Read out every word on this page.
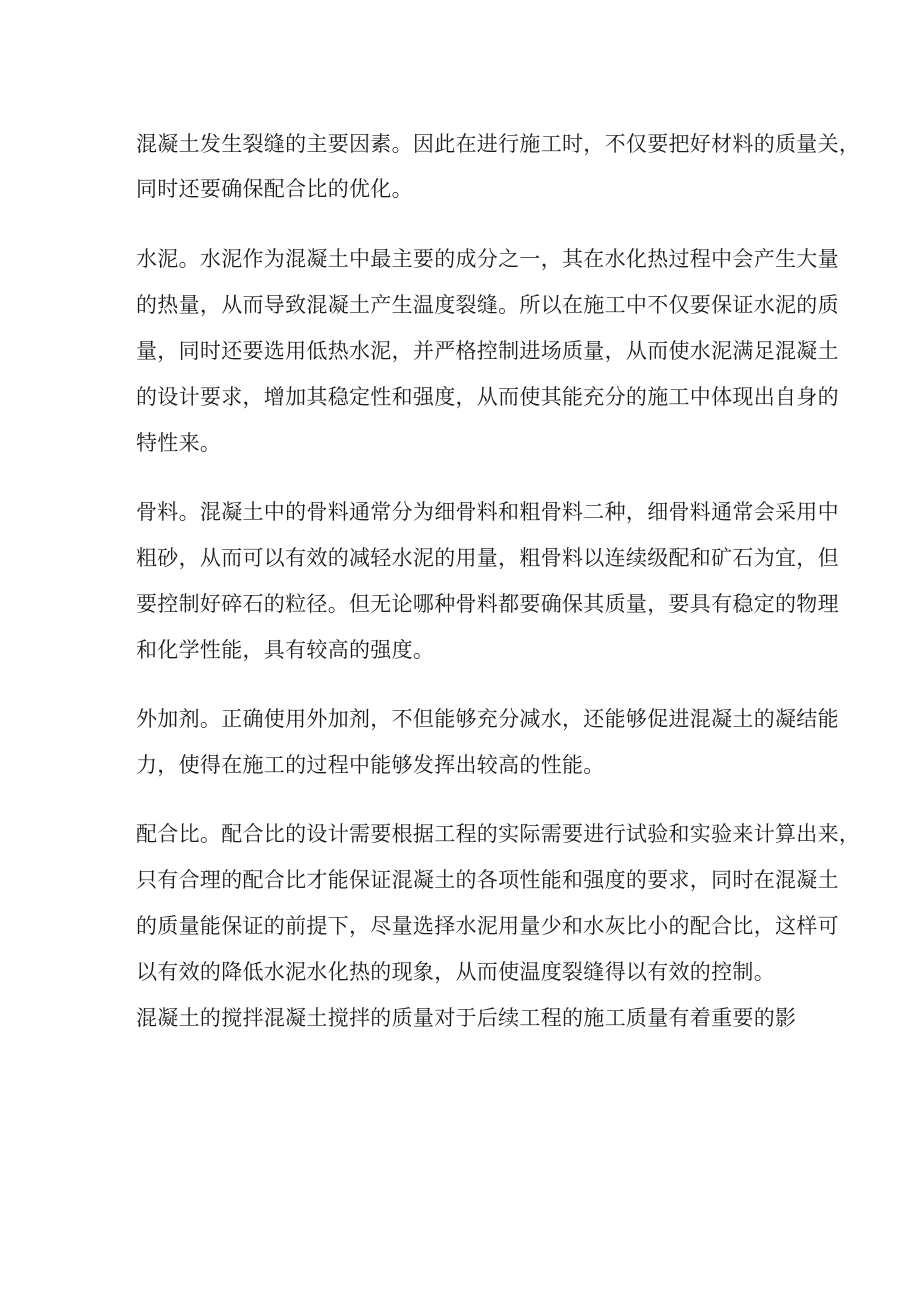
混凝土发生裂缝的主要因素。因此在进行施工时，不仅要把好材料的质量关，
同时还要确保配合比的优化。
水泥。水泥作为混凝土中最主要的成分之一，其在水化热过程中会产生大量
的热量，从而导致混凝土产生温度裂缝。所以在施工中不仅要保证水泥的质
量，同时还要选用低热水泥，并严格控制进场质量，从而使水泥满足混凝土
的设计要求，增加其稳定性和强度，从而使其能充分的施工中体现出自身的
特性来。
骨料。混凝土中的骨料通常分为细骨料和粗骨料二种，细骨料通常会采用中
粗砂，从而可以有效的减轻水泥的用量，粗骨料以连续级配和矿石为宜，但
要控制好碎石的粒径。但无论哪种骨料都要确保其质量，要具有稳定的物理
和化学性能，具有较高的强度。
外加剂。正确使用外加剂，不但能够充分减水，还能够促进混凝土的凝结能
力，使得在施工的过程中能够发挥出较高的性能。
配合比。配合比的设计需要根据工程的实际需要进行试验和实验来计算出来，
只有合理的配合比才能保证混凝土的各项性能和强度的要求，同时在混凝土
的质量能保证的前提下，尽量选择水泥用量少和水灰比小的配合比，这样可
以有效的降低水泥水化热的现象，从而使温度裂缝得以有效的控制。
混凝土的搅拌混凝土搅拌的质量对于后续工程的施工质量有着重要的影
